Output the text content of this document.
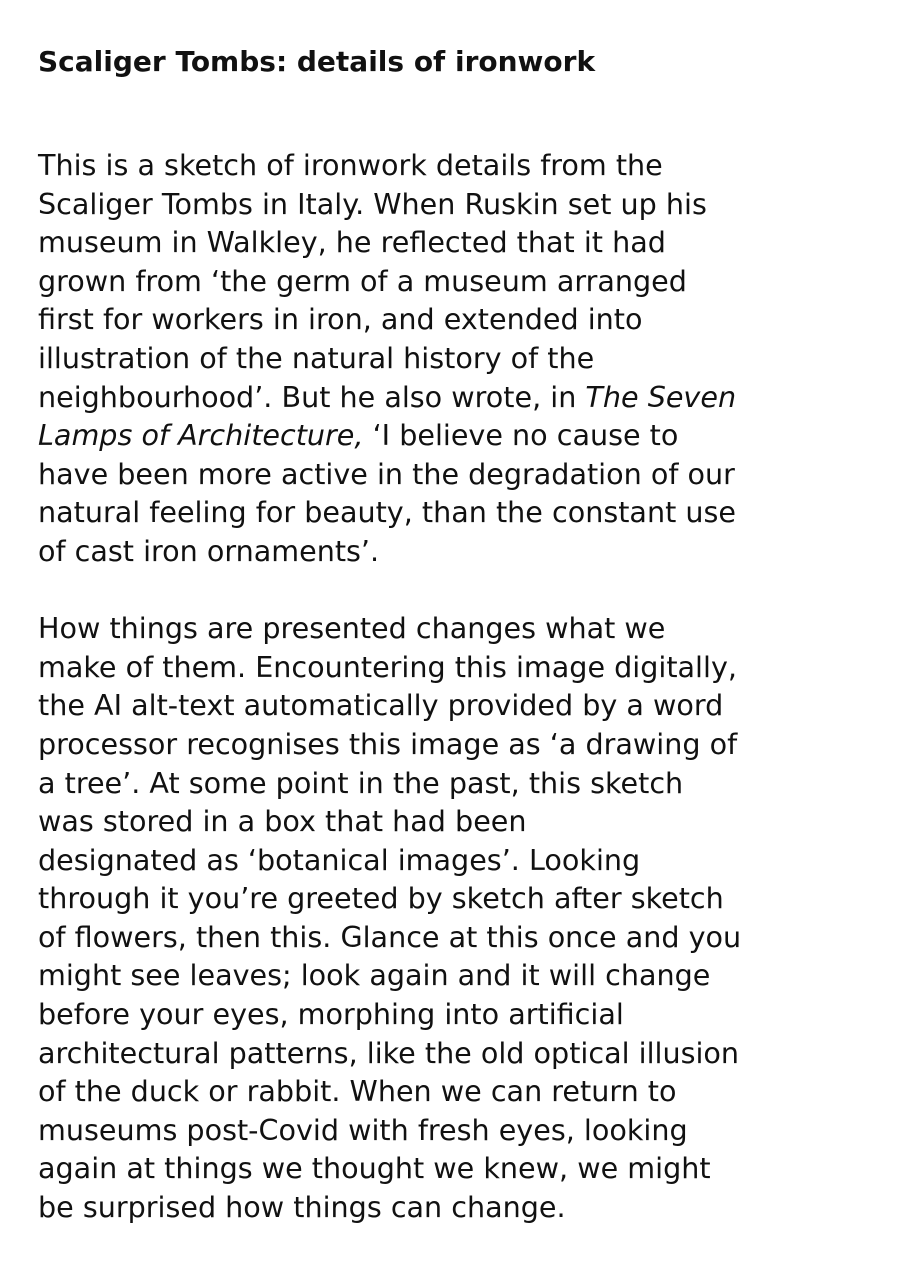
Scaliger Tombs: details of ironwork

This is a sketch of ironwork details from the
Scaliger Tombs in Italy. When Ruskin set up his
museum in Walkley, he reflected that it had
grown from ‘the germ of a museum arranged
first for workers in iron, and extended into
illustration of the natural history of the
neighbourhood’. But he also wrote, in The Seven
Lamps of Architecture, ‘I believe no cause to
have been more active in the degradation of our
natural feeling for beauty, than the constant use
of cast iron ornaments’.

How things are presented changes what we
make of them. Encountering this image digitally,
the AI alt-text automatically provided by a word
processor recognises this image as ‘a drawing of
a tree’. At some point in the past, this sketch
was stored in a box that had been
designated as ‘botanical images’. Looking
through it you’re greeted by sketch after sketch
of flowers, then this. Glance at this once and you
might see leaves; look again and it will change
before your eyes, morphing into artificial
architectural patterns, like the old optical illusion
of the duck or rabbit. When we can return to
museums post-Covid with fresh eyes, looking
again at things we thought we knew, we might
be surprised how things can change.
